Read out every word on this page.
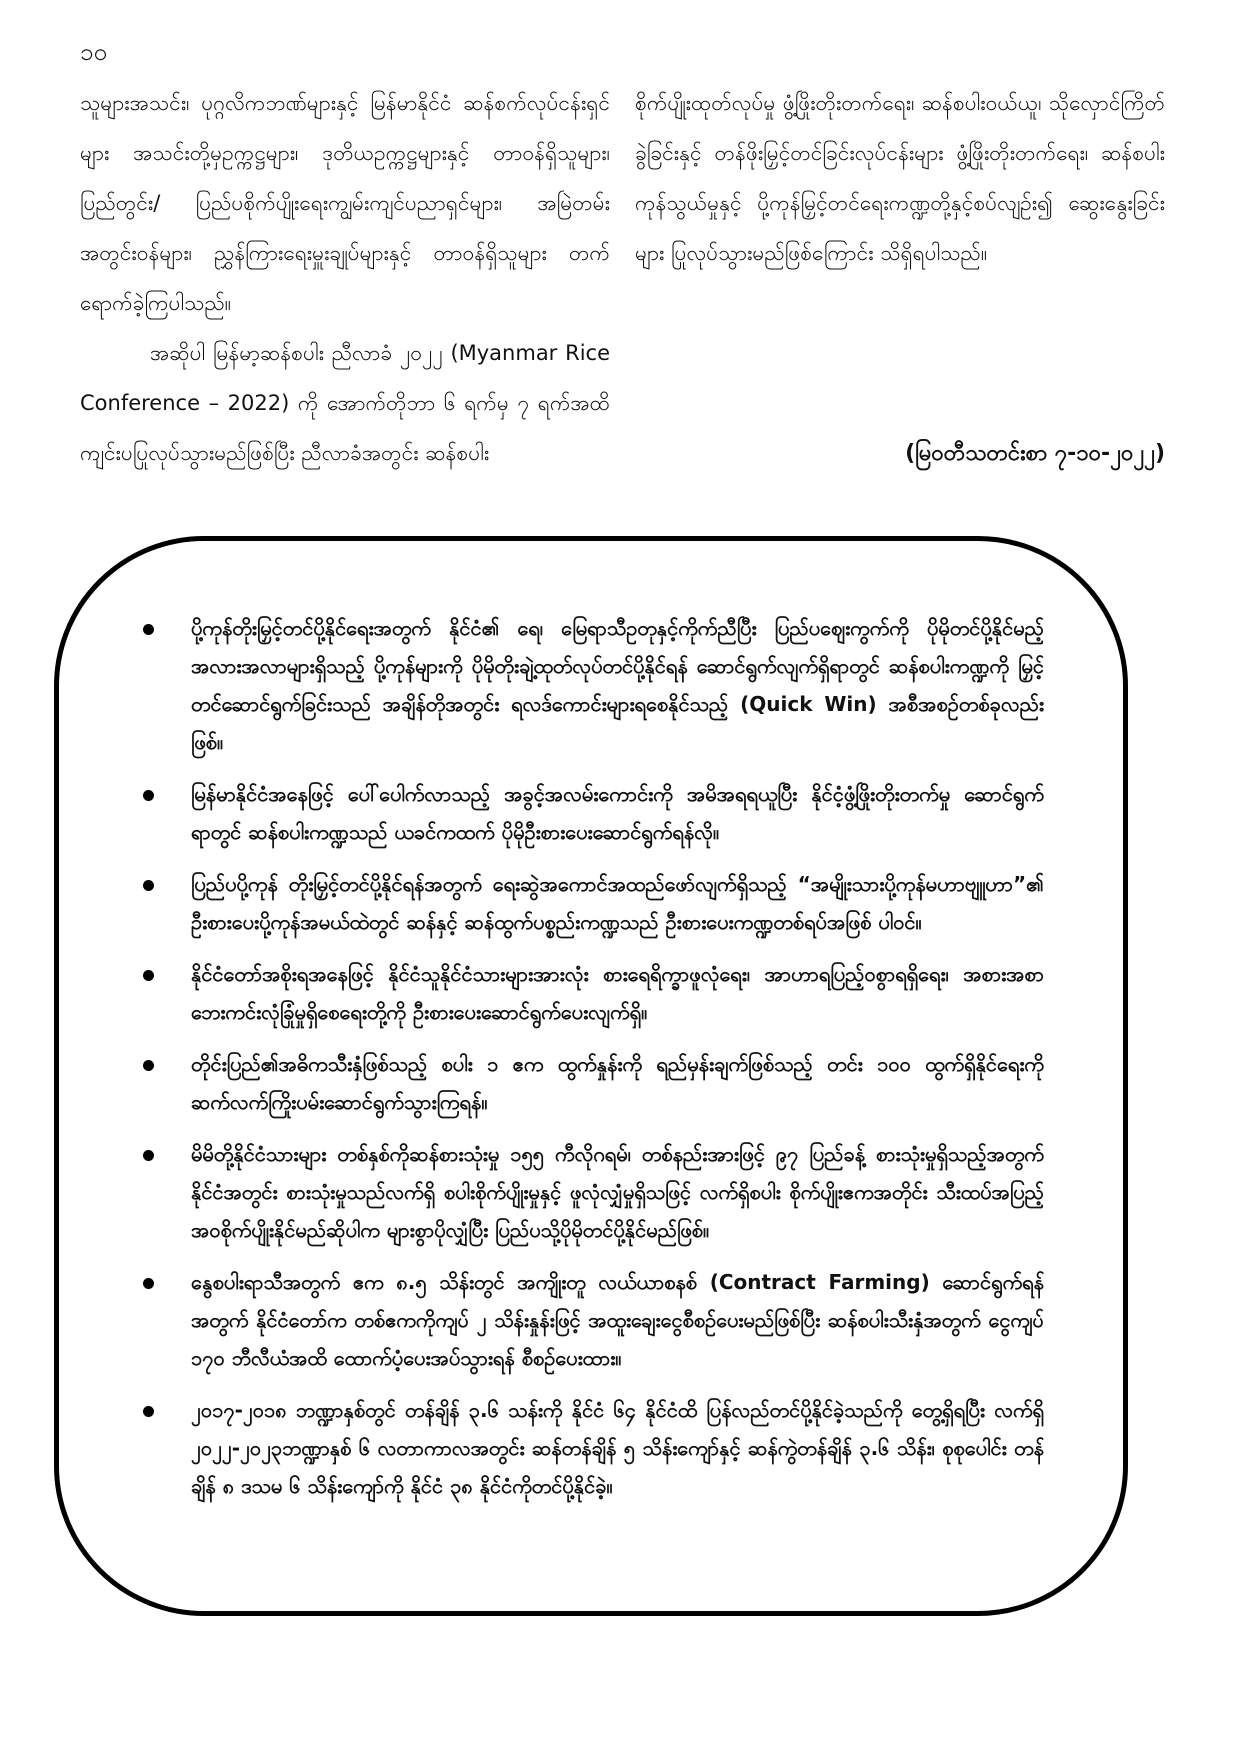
၁၀

သူများအသင်း၊ ပုဂ္ဂလိကဘဏ်များနှင့် မြန်မာနိုင်ငံ ဆန်စက်လုပ်ငန်းရှင်များ အသင်းတို့မှဥက္ကဋ္ဌများ၊ ဒုတိယဥက္ကဋ္ဌများနှင့် တာဝန်ရှိသူများ၊ ပြည်တွင်း/ ပြည်ပစိုက်ပျိုးရေးကျွမ်းကျင်ပညာရှင်များ၊ အမြဲတမ်းအတွင်းဝန်များ၊ ညွှန်ကြားရေးမှူးချုပ်များနှင့် တာဝန်ရှိသူများ တက်ရောက်ခဲ့ကြပါသည်။

အဆိုပါ မြန်မာ့ဆန်စပါး ညီလာခံ ၂၀၂၂ (Myanmar Rice Conference – 2022) ကို အောက်တိုဘာ ၆ ရက်မှ ၇ ရက်အထိ ကျင်းပပြုလုပ်သွားမည်ဖြစ်ပြီး ညီလာခံအတွင်း ဆန်စပါး

စိုက်ပျိုးထုတ်လုပ်မှု ဖွံ့ဖြိုးတိုးတက်ရေး၊ ဆန်စပါးဝယ်ယူ၊ သိုလှောင်ကြိတ်ခွဲခြင်းနှင့် တန်ဖိုးမြှင့်တင်ခြင်းလုပ်ငန်းများ ဖွံ့ဖြိုးတိုးတက်ရေး၊ ဆန်စပါးကုန်သွယ်မှုနှင့် ပို့ကုန်မြှင့်တင်ရေးကဏ္ဍတို့နှင့်စပ်လျဉ်း၍ ဆွေးနွေးခြင်းများ ပြုလုပ်သွားမည်ဖြစ်ကြောင်း သိရှိရပါသည်။

(မြဝတီသတင်းစာ ၇-၁၀-၂၀၂၂)
ပို့ကုန်တိုးမြှင့်တင်ပို့နိုင်ရေးအတွက် နိုင်ငံ၏ ရေ၊ မြေရာသီဥတုနှင့်ကိုက်ညီပြီး ပြည်ပဈေးကွက်ကို ပိုမိုတင်ပို့နိုင်မည့် အလားအလာများရှိသည့် ပို့ကုန်များကို ပိုမိုတိုးချဲ့ထုတ်လုပ်တင်ပို့နိုင်ရန် ဆောင်ရွက်လျက်ရှိရာတွင် ဆန်စပါးကဏ္ဍကို မြှင့်တင်ဆောင်ရွက်ခြင်းသည် အချိန်တိုအတွင်း ရလဒ်ကောင်းများရစေနိုင်သည့် (Quick Win) အစီအစဉ်တစ်ခုလည်းဖြစ်။
မြန်မာနိုင်ငံအနေဖြင့် ပေါ်ပေါက်လာသည့် အခွင့်အလမ်းကောင်းကို အမိအရရယူပြီး နိုင်ငံ့ဖွံ့ဖြိုးတိုးတက်မှု ဆောင်ရွက်ရာတွင် ဆန်စပါးကဏ္ဍသည် ယခင်ကထက် ပိုမိုဦးစားပေးဆောင်ရွက်ရန်လို။
ပြည်ပပို့ကုန် တိုးမြှင့်တင်ပို့နိုင်ရန်အတွက် ရေးဆွဲအကောင်အထည်ဖော်လျက်ရှိသည့် “အမျိုးသားပို့ကုန်မဟာဗျူဟာ”၏ ဦးစားပေးပို့ကုန်အမယ်ထဲတွင် ဆန်နှင့် ဆန်ထွက်ပစ္စည်းကဏ္ဍသည် ဦးစားပေးကဏ္ဍတစ်ရပ်အဖြစ် ပါဝင်။
နိုင်ငံတော်အစိုးရအနေဖြင့် နိုင်ငံသူနိုင်ငံသားများအားလုံး စားရေရိက္ခာဖူလုံရေး၊ အာဟာရပြည့်ဝစွာရရှိရေး၊ အစားအစာဘေးကင်းလုံခြုံမှုရှိစေရေးတို့ကို ဦးစားပေးဆောင်ရွက်ပေးလျက်ရှိ။
တိုင်းပြည်၏အဓိကသီးနှံဖြစ်သည့် စပါး ၁ ဧက ထွက်နှုန်းကို ရည်မှန်းချက်ဖြစ်သည့် တင်း ၁၀၀ ထွက်ရှိနိုင်ရေးကို ဆက်လက်ကြိုးပမ်းဆောင်ရွက်သွားကြရန်။
မိမိတို့နိုင်ငံသားများ တစ်နှစ်ကိုဆန်စားသုံးမှု ၁၅၅ ကီလိုဂရမ်၊ တစ်နည်းအားဖြင့် ၉၇ ပြည်ခန့် စားသုံးမှုရှိသည့်အတွက် နိုင်ငံအတွင်း စားသုံးမှုသည်လက်ရှိ စပါးစိုက်ပျိုးမှုနှင့် ဖူလုံလျှံမှုရှိသဖြင့် လက်ရှိစပါး စိုက်ပျိုးဧကအတိုင်း သီးထပ်အပြည့် အဝစိုက်ပျိုးနိုင်မည်ဆိုပါက များစွာပိုလျှံပြီး ပြည်ပသို့ပိုမိုတင်ပို့နိုင်မည်ဖြစ်။
နွေစပါးရာသီအတွက် ဧက ၈.၅ သိန်းတွင် အကျိုးတူ လယ်ယာစနစ် (Contract Farming) ဆောင်ရွက်ရန်အတွက် နိုင်ငံတော်က တစ်ဧကကိုကျပ် ၂ သိန်းနှုန်းဖြင့် အထူးချေးငွေစီစဉ်ပေးမည်ဖြစ်ပြီး ဆန်စပါးသီးနှံအတွက် ငွေကျပ် ၁၇၀ ဘီလီယံအထိ ထောက်ပံ့ပေးအပ်သွားရန် စီစဉ်ပေးထား။
၂၀၁၇-၂၀၁၈ ဘဏ္ဍာနှစ်တွင် တန်ချိန် ၃.၆ သန်းကို နိုင်ငံ ၆၄ နိုင်ငံထိ ပြန်လည်တင်ပို့နိုင်ခဲ့သည်ကို တွေ့ရှိရပြီး လက်ရှိ ၂၀၂၂-၂၀၂၃ဘဏ္ဍာနှစ် ၆ လတာကာလအတွင်း ဆန်တန်ချိန် ၅ သိန်းကျော်နှင့် ဆန်ကွဲတန်ချိန် ၃.၆ သိန်း၊ စုစုပေါင်း တန်ချိန် ၈ ဒသမ ၆ သိန်းကျော်ကို နိုင်ငံ ၃၈ နိုင်ငံကိုတင်ပို့နိုင်ခဲ့။
